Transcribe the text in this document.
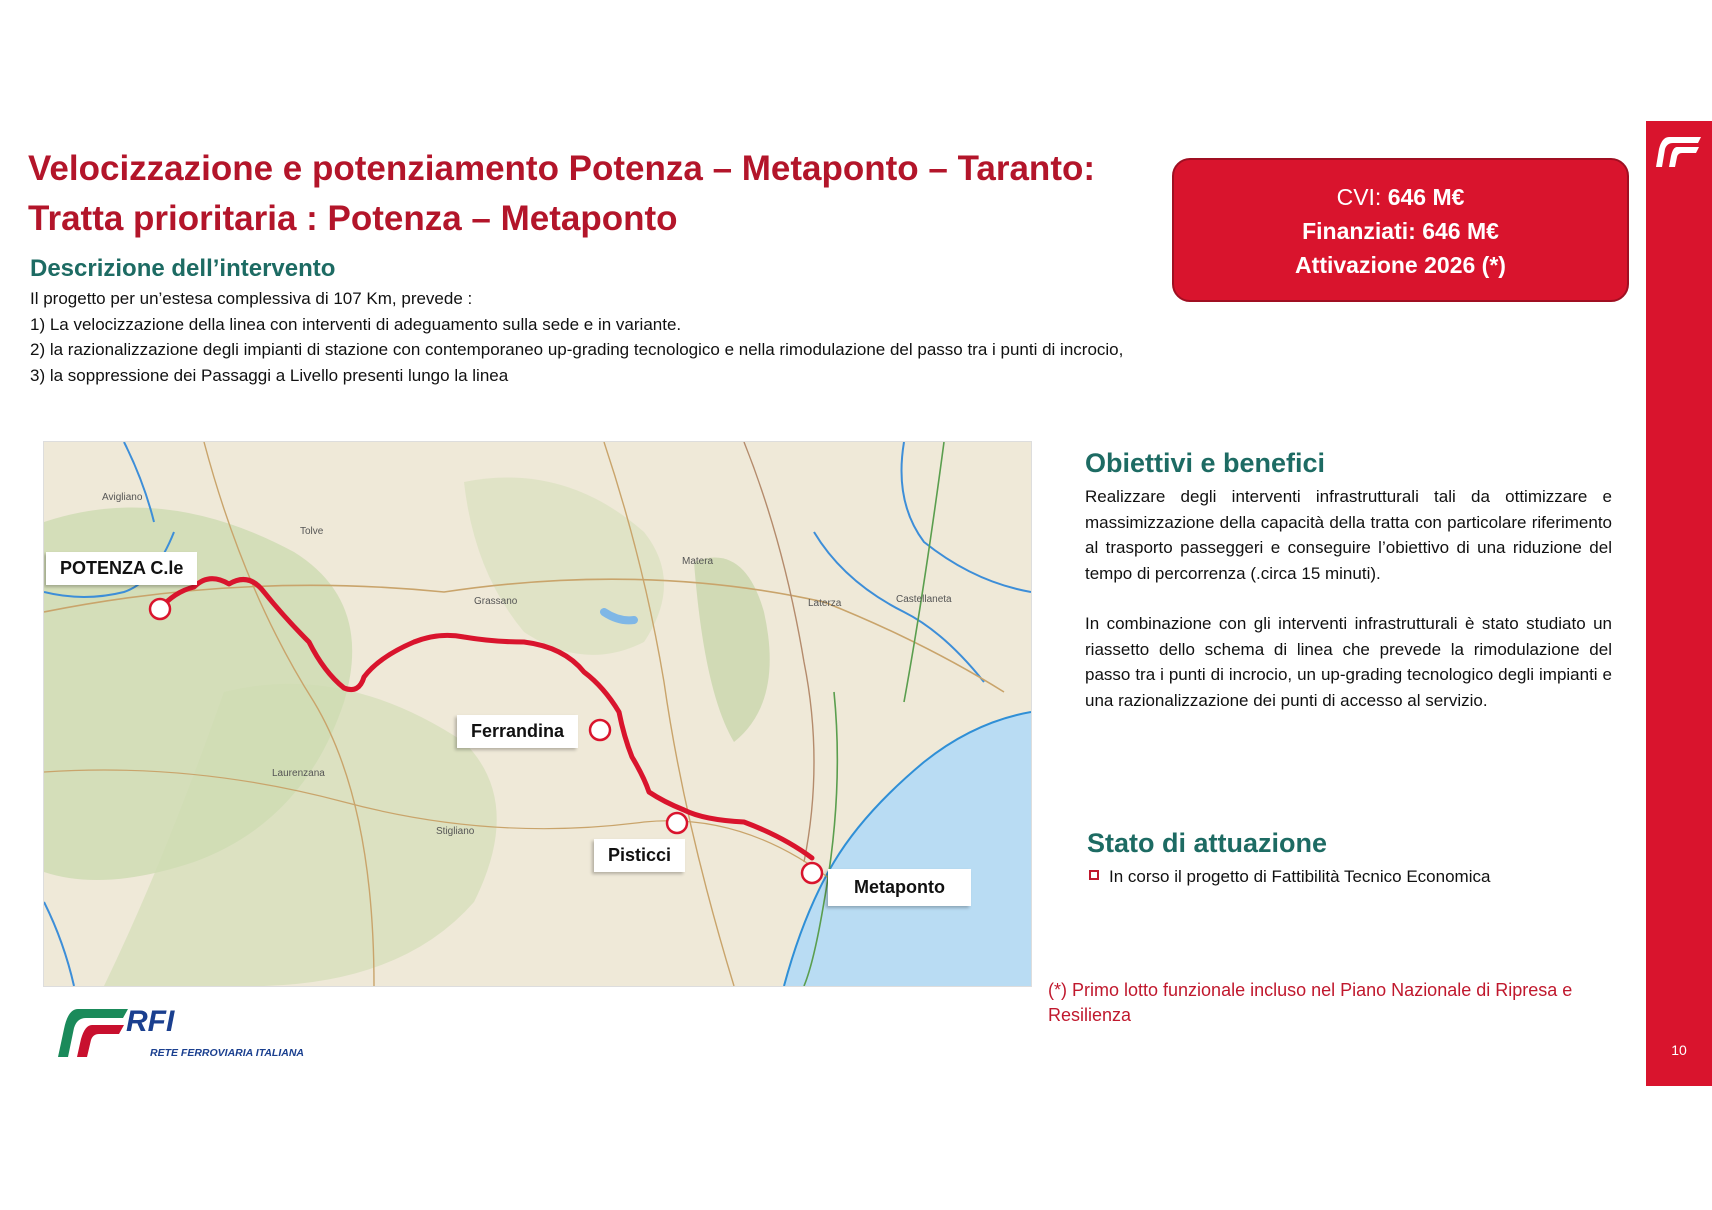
10
Velocizzazione e potenziamento Potenza – Metaponto – Taranto:
Tratta prioritaria : Potenza – Metaponto
CVI: 646 M€
Finanziati: 646 M€
Attivazione 2026 (*)
Descrizione dell’intervento
Il progetto per un’estesa complessiva di 107 Km, prevede :
1) La velocizzazione della linea con interventi di adeguamento sulla sede e in variante.
2) la razionalizzazione degli impianti di stazione con contemporaneo up-grading tecnologico e nella rimodulazione del passo tra i punti di incrocio,
3) la soppressione dei Passaggi a Livello presenti lungo la linea
Avigliano
Tolve
Grassano
Matera
Laterza	Castellaneta
Laurenzana
Stigliano
POTENZA C.le
Ferrandina
Pisticci
Metaponto
Obiettivi e benefici
Realizzare degli interventi infrastrutturali tali da ottimizzare e massimizzazione della capacità della tratta con particolare riferimento al trasporto passeggeri e conseguire l’obiettivo di una riduzione del tempo di percorrenza (.circa 15 minuti).
In combinazione con gli interventi infrastrutturali è stato studiato un riassetto dello schema di linea che prevede la rimodulazione del passo tra i punti di incrocio, un up-grading tecnologico degli impianti e una razionalizzazione dei punti di accesso al servizio.
Stato di attuazione
In corso il progetto di Fattibilità Tecnico Economica
(*) Primo lotto funzionale incluso nel Piano Nazionale di Ripresa e Resilienza
RFI
RETE FERROVIARIA ITALIANA
